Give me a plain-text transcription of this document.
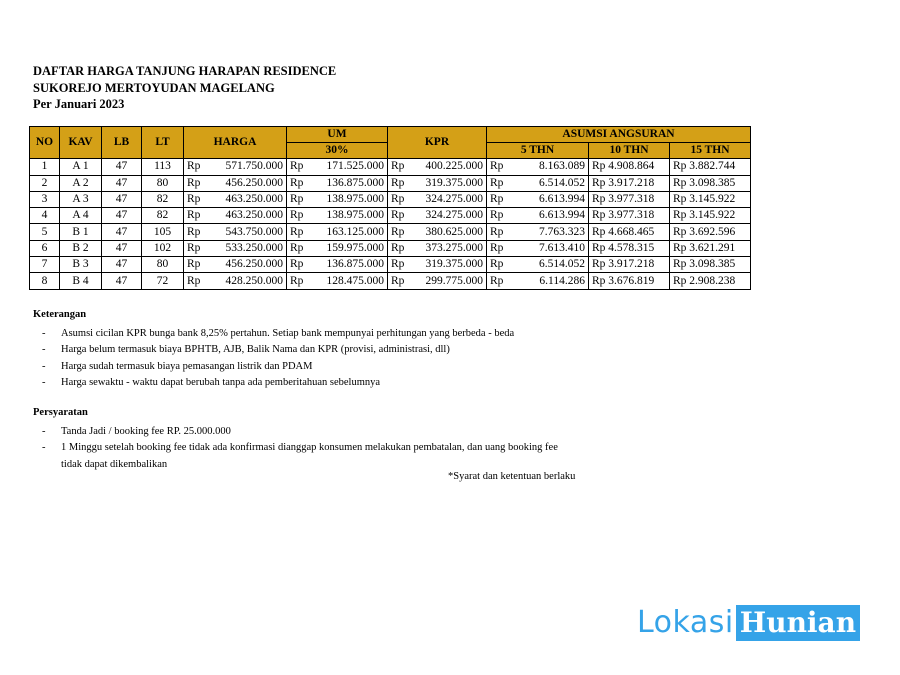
DAFTAR HARGA TANJUNG HARAPAN RESIDENCE
SUKOREJO MERTOYUDAN MAGELANG
Per Januari 2023
NO	KAV	LB	LT	HARGA		UM		KPR		ASUMSI ANGSURAN			
						30%				5 THN		10 THN	15 THN
1	A 1	47	113	Rp	571.750.000	Rp	171.525.000	Rp	400.225.000	Rp	8.163.089	Rp 4.908.864	Rp 3.882.744
2	A 2	47	80	Rp	456.250.000	Rp	136.875.000	Rp	319.375.000	Rp	6.514.052	Rp 3.917.218	Rp 3.098.385
3	A 3	47	82	Rp	463.250.000	Rp	138.975.000	Rp	324.275.000	Rp	6.613.994	Rp 3.977.318	Rp 3.145.922
4	A 4	47	82	Rp	463.250.000	Rp	138.975.000	Rp	324.275.000	Rp	6.613.994	Rp 3.977.318	Rp 3.145.922
5	B 1	47	105	Rp	543.750.000	Rp	163.125.000	Rp	380.625.000	Rp	7.763.323	Rp 4.668.465	Rp 3.692.596
6	B 2	47	102	Rp	533.250.000	Rp	159.975.000	Rp	373.275.000	Rp	7.613.410	Rp 4.578.315	Rp 3.621.291
7	B 3	47	80	Rp	456.250.000	Rp	136.875.000	Rp	319.375.000	Rp	6.514.052	Rp 3.917.218	Rp 3.098.385
8	B 4	47	72	Rp	428.250.000	Rp	128.475.000	Rp	299.775.000	Rp	6.114.286	Rp 3.676.819	Rp 2.908.238
Keterangan
- Asumsi cicilan KPR bunga bank 8,25% pertahun. Setiap bank mempunyai perhitungan yang berbeda - beda
- Harga belum termasuk biaya BPHTB, AJB, Balik Nama dan KPR (provisi, administrasi, dll)
- Harga sudah termasuk biaya pemasangan listrik dan PDAM
- Harga sewaktu - waktu dapat berubah tanpa ada pemberitahuan sebelumnya
Persyaratan
- Tanda Jadi / booking fee RP. 25.000.000
- 1 Minggu setelah booking fee tidak ada konfirmasi dianggap konsumen melakukan pembatalan, dan uang booking fee
tidak dapat dikembalikan
*Syarat dan ketentuan berlaku
Lokasi Hunian
